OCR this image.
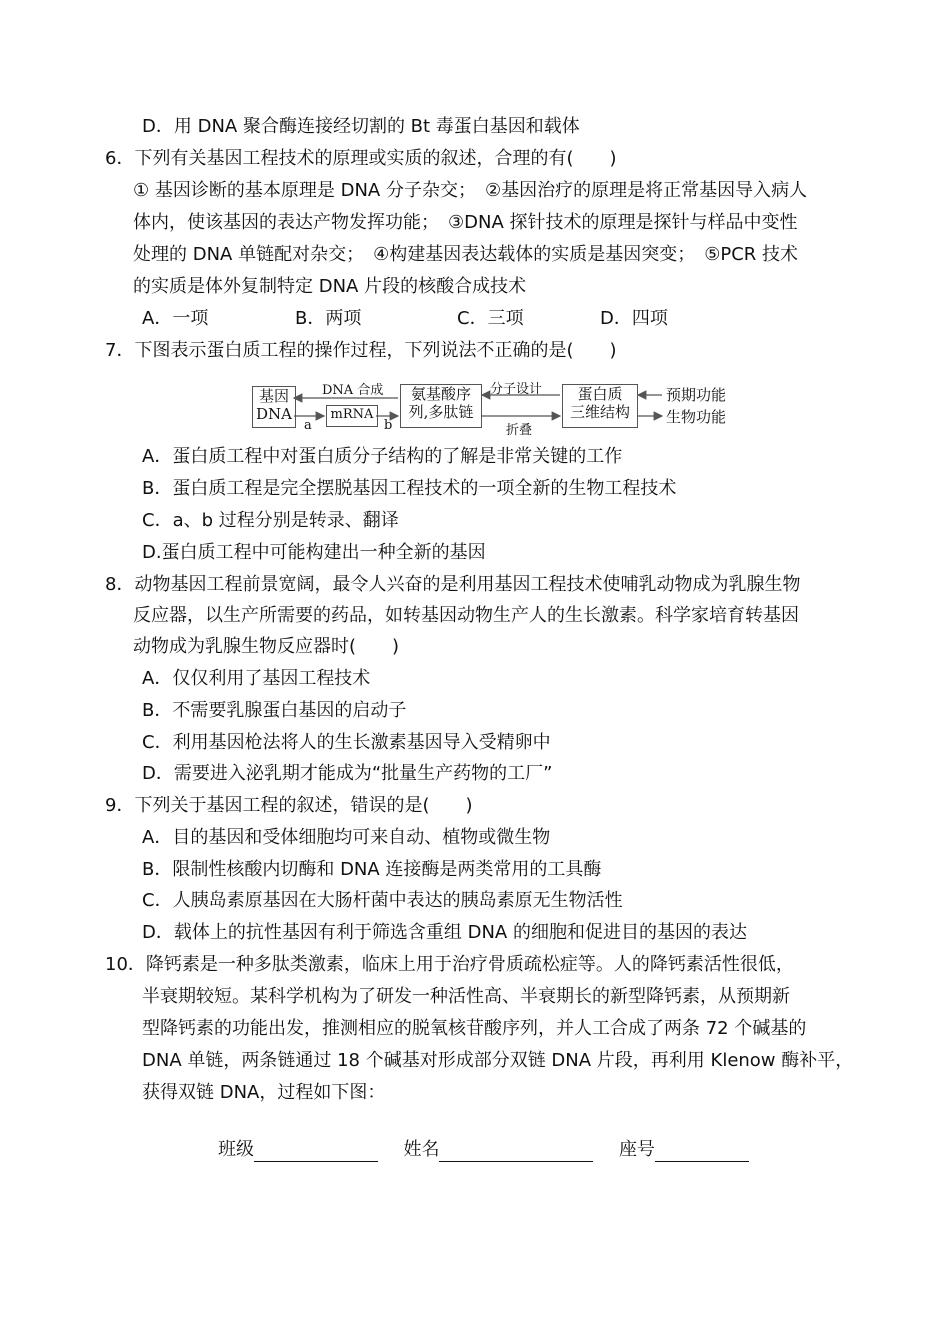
D．用 DNA 聚合酶连接经切割的 Bt 毒蛋白基因和载体
6．下列有关基因工程技术的原理或实质的叙述，合理的有(　　)
① 基因诊断的基本原理是 DNA 分子杂交；　②基因治疗的原理是将正常基因导入病人
体内，使该基因的表达产物发挥功能；　③DNA 探针技术的原理是探针与样品中变性
处理的 DNA 单链配对杂交；　④构建基因表达载体的实质是基因突变；　⑤PCR 技术
的实质是体外复制特定 DNA 片段的核酸合成技术
A．一项	B．两项	C．三项	D．四项
7．下图表示蛋白质工程的操作过程，下列说法不正确的是(　　)
基因
DNA	mRNA
氨基酸序
列,多肽链
蛋白质
三维结构
DNA 合成
a	b
分子设计
折叠
预期功能
生物功能
A．蛋白质工程中对蛋白质分子结构的了解是非常关键的工作
B．蛋白质工程是完全摆脱基因工程技术的一项全新的生物工程技术
C．a、b 过程分别是转录、翻译
D.蛋白质工程中可能构建出一种全新的基因
8．动物基因工程前景宽阔，最令人兴奋的是利用基因工程技术使哺乳动物成为乳腺生物
反应器，以生产所需要的药品，如转基因动物生产人的生长激素。科学家培育转基因
动物成为乳腺生物反应器时(　　)
A．仅仅利用了基因工程技术
B．不需要乳腺蛋白基因的启动子
C．利用基因枪法将人的生长激素基因导入受精卵中
D．需要进入泌乳期才能成为“批量生产药物的工厂”
9．下列关于基因工程的叙述，错误的是(　　)
A．目的基因和受体细胞均可来自动、植物或微生物
B．限制性核酸内切酶和 DNA 连接酶是两类常用的工具酶
C．人胰岛素原基因在大肠杆菌中表达的胰岛素原无生物活性
D．载体上的抗性基因有利于筛选含重组 DNA 的细胞和促进目的基因的表达
10．降钙素是一种多肽类激素，临床上用于治疗骨质疏松症等。人的降钙素活性很低，
半衰期较短。某科学机构为了研发一种活性高、半衰期长的新型降钙素，从预期新
型降钙素的功能出发，推测相应的脱氧核苷酸序列，并人工合成了两条 72 个碱基的
DNA 单链，两条链通过 18 个碱基对形成部分双链 DNA 片段，再利用 Klenow 酶补平，
获得双链 DNA，过程如下图：
班级	姓名	座号
